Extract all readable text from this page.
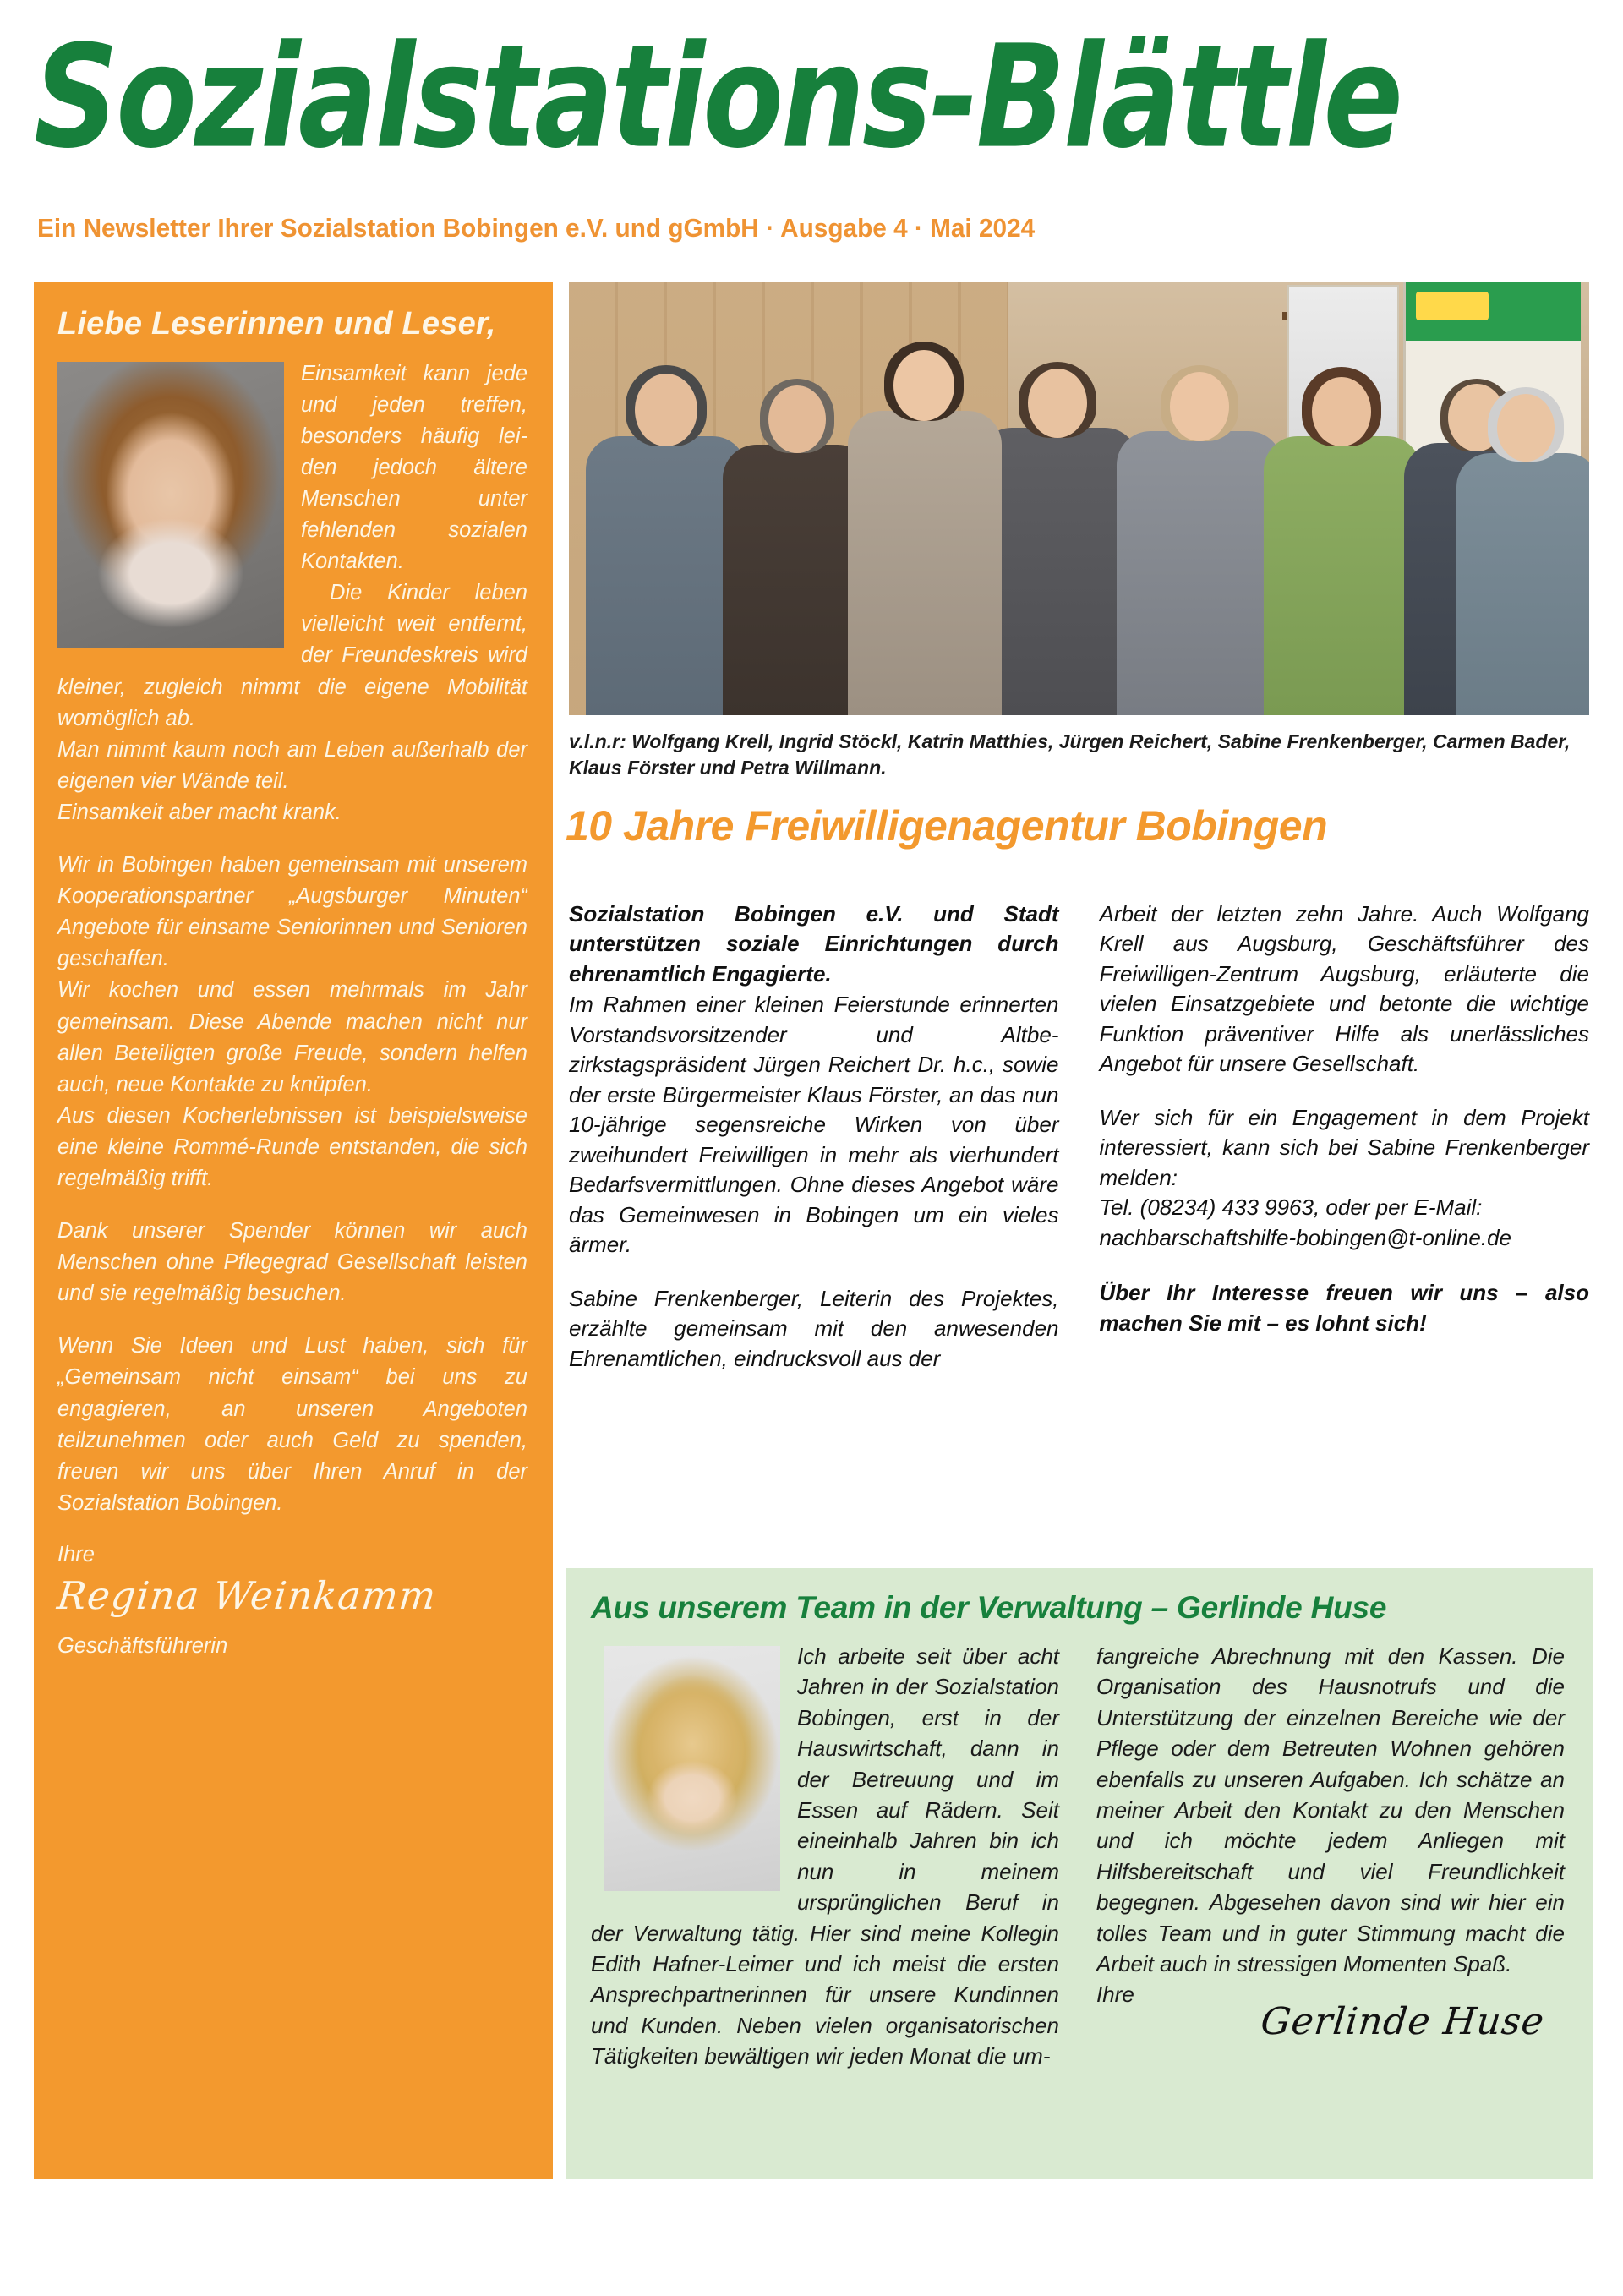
Sozialstations-Blättle
Ein Newsletter Ihrer Sozialstation Bobingen e.V. und gGmbH · Ausgabe 4 · Mai 2024
Liebe Leserinnen und Leser,

Einsamkeit kann jede und jeden treffen, besonders häufig leiden jedoch ältere Menschen unter fehlenden sozialen Kontakten.

Die Kinder leben vielleicht weit entfernt, der Freundeskreis wird kleiner, zugleich nimmt die eigene Mobilität womöglich ab.

Man nimmt kaum noch am Leben außerhalb der eigenen vier Wände teil.

Einsamkeit aber macht krank.

Wir in Bobingen haben gemeinsam mit unserem Kooperationspartner „Augsburger Minuten“ Angebote für einsame Seniorinnen und Senioren geschaffen.

Wir kochen und essen mehrmals im Jahr gemeinsam. Diese Abende machen nicht nur allen Beteiligten große Freude, sondern helfen auch, neue Kontakte zu knüpfen.

Aus diesen Kocherlebnissen ist beispielsweise eine kleine Rommé-Runde entstanden, die sich regelmäßig trifft.

Dank unserer Spender können wir auch Menschen ohne Pflegegrad Gesellschaft leisten und sie regelmäßig besuchen.

Wenn Sie Ideen und Lust haben, sich für „Gemeinsam nicht einsam“ bei uns zu engagieren, an unseren Angeboten teilzunehmen oder auch Geld zu spenden, freuen wir uns über Ihren Anruf in der Sozialstation Bobingen.

Ihre
Regina Weinkamm
Geschäftsführerin
v.l.n.r: Wolfgang Krell, Ingrid Stöckl, Katrin Matthies, Jürgen Reichert, Sabine Frenkenberger, Carmen Bader, Klaus Förster und Petra Willmann.
10 Jahre Freiwilligenagentur Bobingen
Sozialstation Bobingen e.V. und Stadt unterstützen soziale Einrichtungen durch ehrenamtlich Engagierte.

Im Rahmen einer kleinen Feierstunde erinnerten Vorstandsvorsitzender und Altbezirkstagspräsident Jürgen Reichert Dr. h.c., sowie der erste Bürgermeister Klaus Förster, an das nun 10-jährige segensreiche Wirken von über zweihundert Freiwilligen in mehr als vierhundert Bedarfsvermittlungen. Ohne dieses Angebot wäre das Gemeinwesen in Bobingen um ein vieles ärmer.

Sabine Frenkenberger, Leiterin des Projektes, erzählte gemeinsam mit den anwesenden Ehrenamtlichen, eindrucksvoll aus der

Arbeit der letzten zehn Jahre. Auch Wolfgang Krell aus Augsburg, Geschäftsführer des Freiwilligen-Zentrum Augsburg, erläuterte die vielen Einsatzgebiete und betonte die wichtige Funktion präventiver Hilfe als unerlässliches Angebot für unsere Gesellschaft.

Wer sich für ein Engagement in dem Projekt interessiert, kann sich bei Sabine Frenkenberger melden:

Tel. (08234) 433 9963, oder per E-Mail:

nachbarschaftshilfe-bobingen@t-online.de

Über Ihr Interesse freuen wir uns – also machen Sie mit – es lohnt sich!
Aus unserem Team in der Verwaltung – Gerlinde Huse

Ich arbeite seit über acht Jahren in der Sozialstation Bobingen, erst in der Hauswirtschaft, dann in der Betreuung und im Essen auf Rädern. Seit eineinhalb Jahren bin ich nun in meinem ursprünglichen Beruf in der Verwaltung tätig. Hier sind meine Kollegin Edith Hafner-Leimer und ich meist die ersten Ansprechpartnerinnen für unsere Kundinnen und Kunden. Neben vielen organisatorischen Tätigkeiten bewältigen wir jeden Monat die um-

fangreiche Abrechnung mit den Kassen. Die Organisation des Hausnotrufs und die Unterstützung der einzelnen Bereiche wie der Pflege oder dem Betreuten Wohnen gehören ebenfalls zu unseren Aufgaben. Ich schätze an meiner Arbeit den Kontakt zu den Menschen und ich möchte jedem Anliegen mit Hilfsbereitschaft und viel Freundlichkeit begegnen. Abgesehen davon sind wir hier ein tolles Team und in guter Stimmung macht die Arbeit auch in stressigen Momenten Spaß.

Ihre
Gerlinde Huse
